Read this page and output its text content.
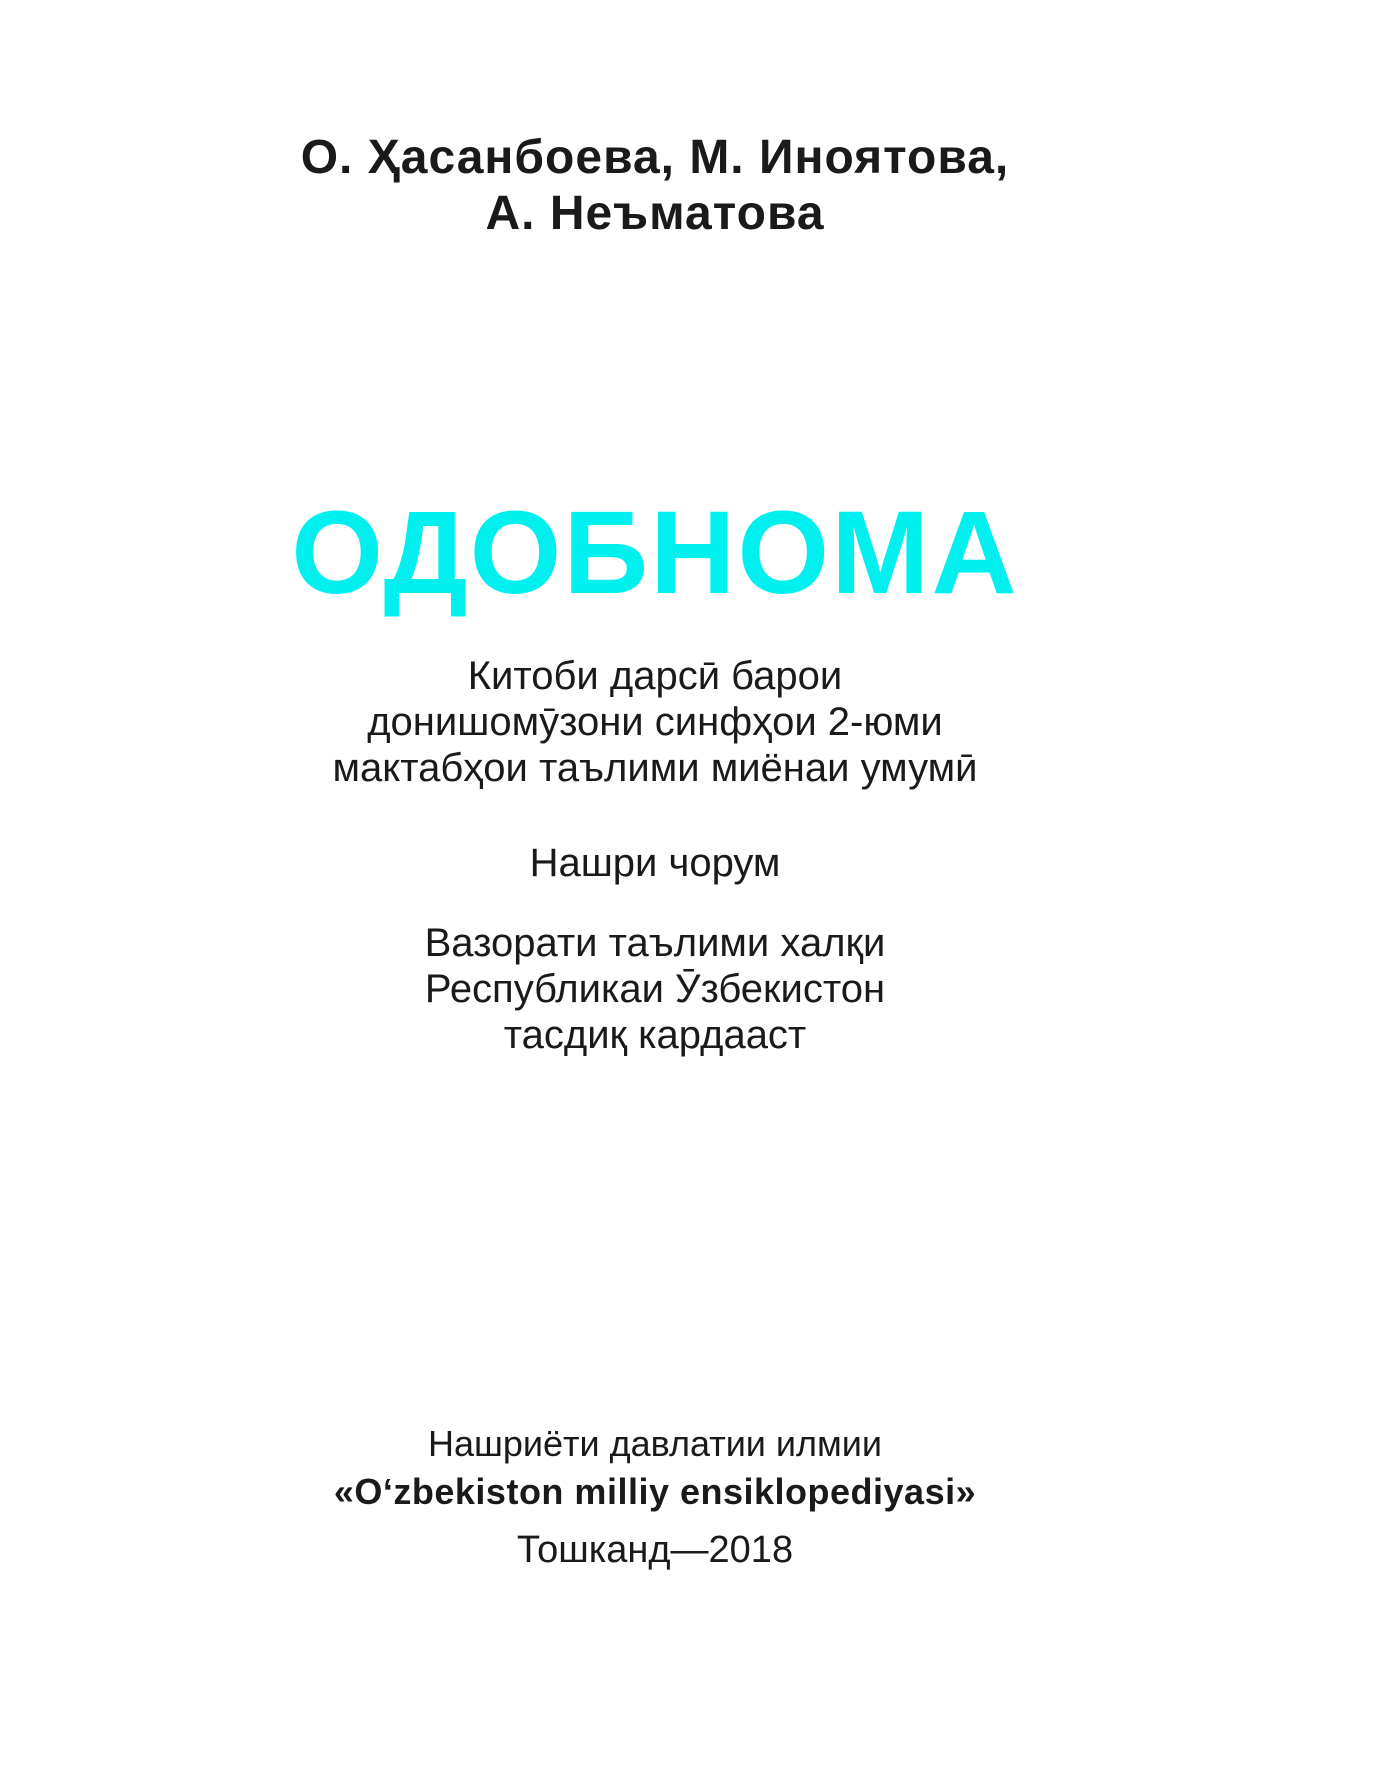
О. Ҳасанбоева, М. Иноятова,
А. Неъматова
ОДОБНОМА
Китоби дарсӣ барои
донишомӯзони синфҳои 2-юми
мактабҳои таълими миёнаи умумӣ
Нашри чорум
Вазорати таълими халқи
Республикаи Ӯзбекистон
тасдиқ кардааст
Нашриёти давлатии илмии
«O‘zbekiston milliy ensiklopediyasi»
Тошканд—2018
